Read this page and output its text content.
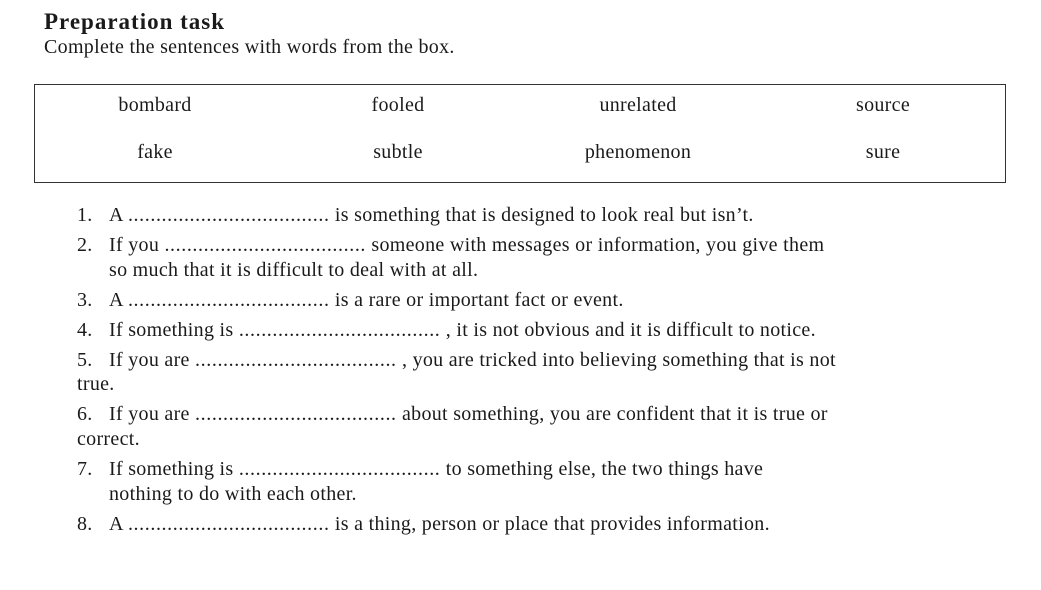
Preparation task
Complete the sentences with words from the box.
bombard	fooled	unrelated	source
fake	subtle	phenomenon	sure
1. A .................................... is something that is designed to look real but isn’t.
2. If you .................................... someone with messages or information, you give them
so much that it is difficult to deal with at all.
3. A .................................... is a rare or important fact or event.
4. If something is .................................... , it is not obvious and it is difficult to notice.
5. If you are .................................... , you are tricked into believing something that is not
true.
6. If you are .................................... about something, you are confident that it is true or
correct.
7. If something is .................................... to something else, the two things have
nothing to do with each other.
8. A .................................... is a thing, person or place that provides information.
